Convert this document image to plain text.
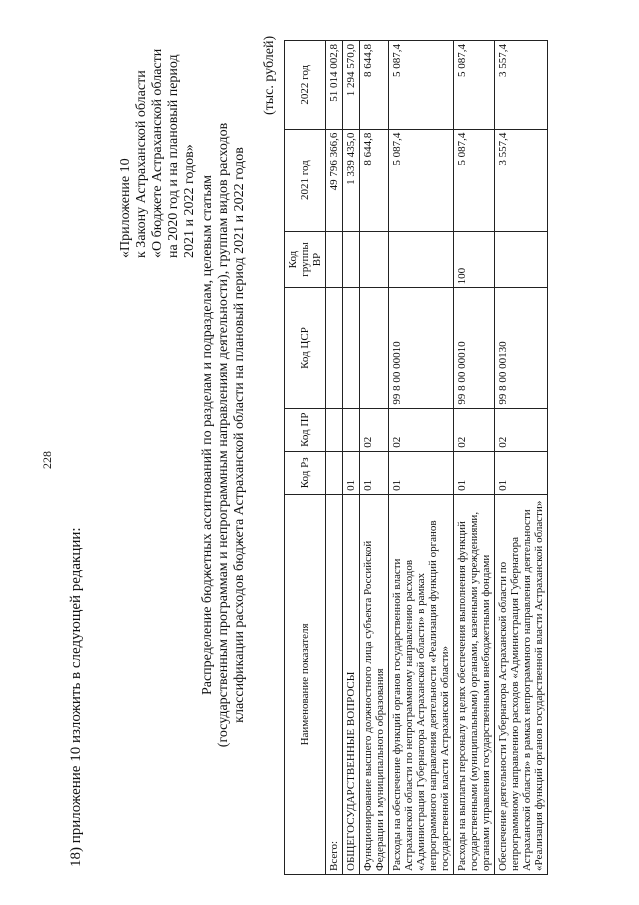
228
18) приложение 10 изложить в следующей редакции:
«Приложение 10 к Закону Астраханской области «О бюджете Астраханской области на 2020 год и на плановый период 2021 и 2022 годов» Распределение бюджетных ассигнований по разделам и подразделам, целевым статьям (государственным программам и непрограммным направлениям деятельности), группам видов расходов классификации расходов бюджета Астраханской области на плановый период 2021 и 2022 годов
(тыс. рублей)
Наименование показателя	Код Рз	Код ПР	Код ЦСР	Код группы ВР	2021 год	2022 год
Всего:					49 796 366,6	51 014 002,8
ОБЩЕГОСУДАРСТВЕННЫЕ ВОПРОСЫ	01				1 339 435,0	1 294 570,0
Функционирование высшего должностного лица субъекта Российской Федерации и муниципального образования	01	02			8 644,8	8 644,8
Расходы на обеспечение функций органов государственной власти Астраханской области по непрограммному направлению расходов «Администрация Губернатора Астраханской области» в рамках непрограммного направления деятельности «Реализация функций органов государственной власти Астраханской области»	01	02	99 8 00 00010		5 087,4	5 087,4
Расходы на выплаты персоналу в целях обеспечения выполнения функций государственными (муниципальными) органами, казенными учреждениями, органами управления государственными внебюджетными фондами	01	02	99 8 00 00010	100	5 087,4	5 087,4
Обеспечение деятельности Губернатора Астраханской области по непрограммному направлению расходов «Администрация Губернатора Астраханской области» в рамках непрограммного направления деятельности «Реализация функций органов государственной власти Астраханской области»	01	02	99 8 00 00130		3 557,4	3 557,4
